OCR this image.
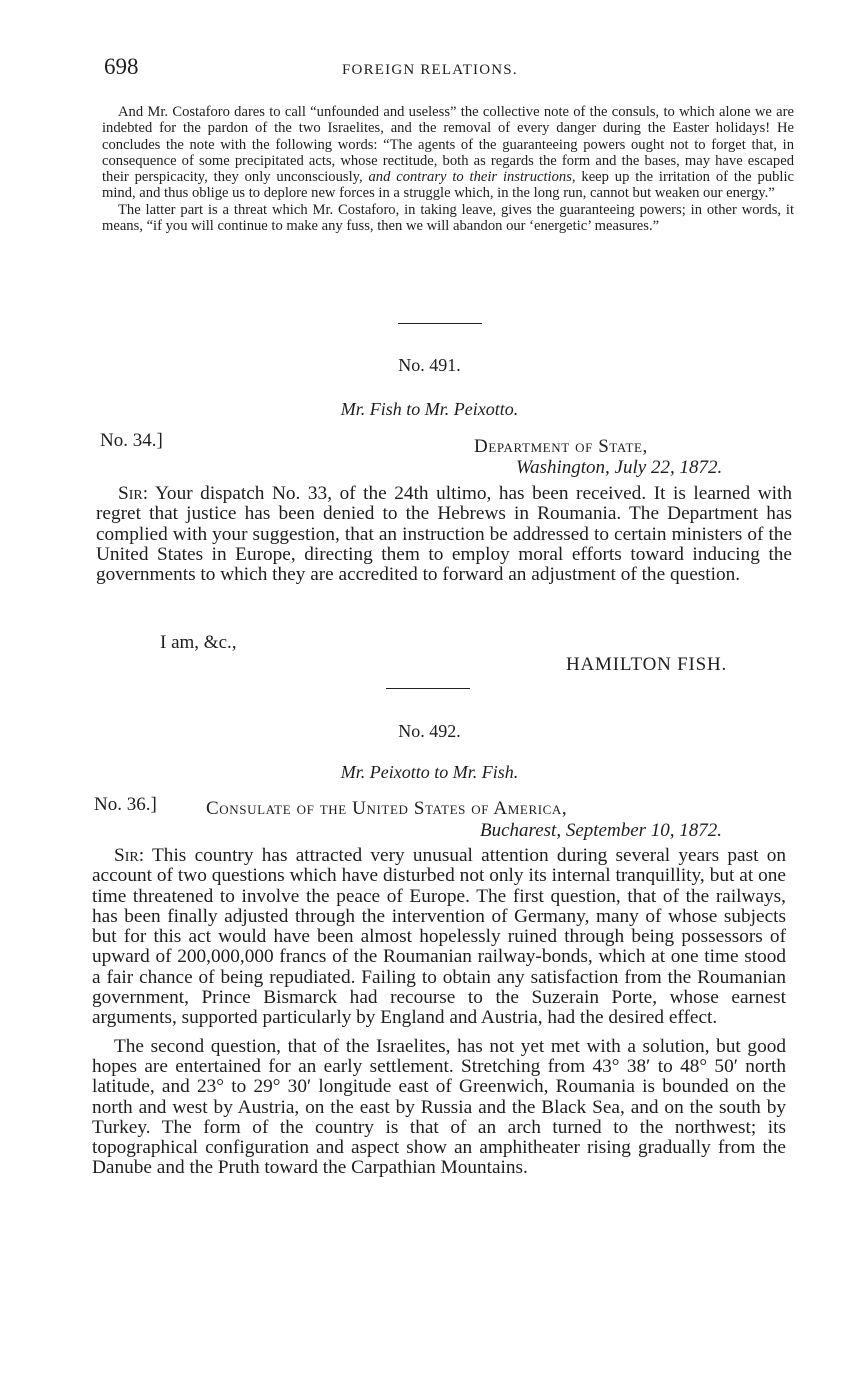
698	FOREIGN RELATIONS.

And Mr. Costaforo dares to call “unfounded and useless” the collective note of the consuls, to which alone we are indebted for the pardon of the two Israelites, and the removal of every danger during the Easter holidays! He concludes the note with the following words: “The agents of the guaranteeing powers ought not to forget that, in consequence of some precipitated acts, whose rectitude, both as regards the form and the bases, may have escaped their perspicacity, they only unconsciously, and contrary to their instructions, keep up the irritation of the public mind, and thus oblige us to deplore new forces in a struggle which, in the long run, cannot but weaken our energy.”

The latter part is a threat which Mr. Costaforo, in taking leave, gives the guaranteeing powers; in other words, it means, “if you will continue to make any fuss, then we will abandon our ‘energetic’ measures.”

No. 491.
Mr. Fish to Mr. Peixotto.
No. 34.]	Department of State,
Washington, July 22, 1872.

Sir: Your dispatch No. 33, of the 24th ultimo, has been received. It is learned with regret that justice has been denied to the Hebrews in Roumania. The Department has complied with your suggestion, that an instruction be addressed to certain ministers of the United States in Europe, directing them to employ moral efforts toward inducing the governments to which they are accredited to forward an adjustment of the question.

I am, &c.,
HAMILTON FISH.
No. 492.
Mr. Peixotto to Mr. Fish.
No. 36.]	Consulate of the United States of America,
Bucharest, September 10, 1872.

Sir: This country has attracted very unusual attention during several years past on account of two questions which have disturbed not only its internal tranquillity, but at one time threatened to involve the peace of Europe. The first question, that of the railways, has been finally adjusted through the intervention of Germany, many of whose subjects but for this act would have been almost hopelessly ruined through being possessors of upward of 200,000,000 francs of the Roumanian railway-bonds, which at one time stood a fair chance of being repudiated. Failing to obtain any satisfaction from the Roumanian government, Prince Bismarck had recourse to the Suzerain Porte, whose earnest arguments, supported particularly by England and Austria, had the desired effect.

The second question, that of the Israelites, has not yet met with a solution, but good hopes are entertained for an early settlement. Stretching from 43° 38′ to 48° 50′ north latitude, and 23° to 29° 30′ longitude east of Greenwich, Roumania is bounded on the north and west by Austria, on the east by Russia and the Black Sea, and on the south by Turkey. The form of the country is that of an arch turned to the northwest; its topographical configuration and aspect show an amphitheater rising gradually from the Danube and the Pruth toward the Carpathian Mountains.
